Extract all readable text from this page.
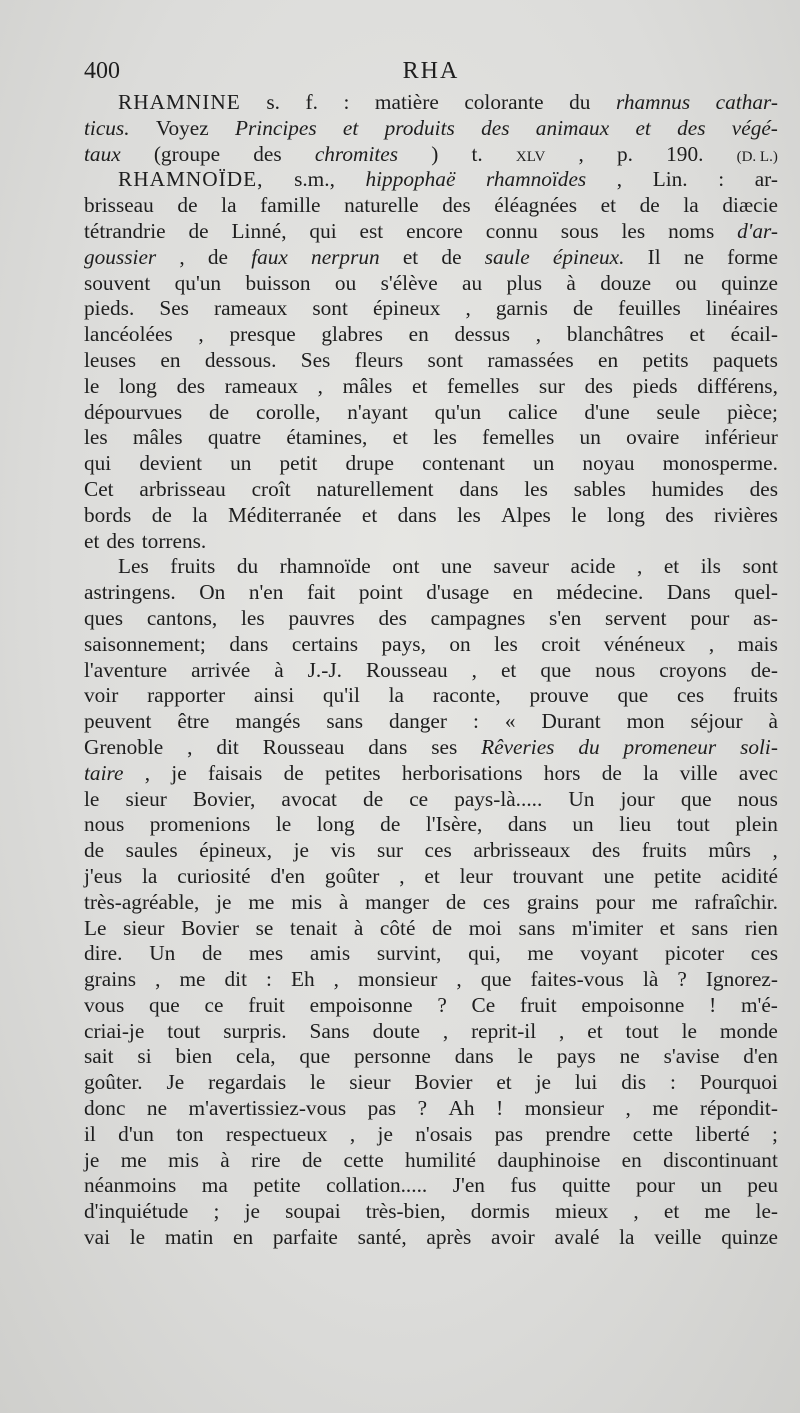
400	RHA
RHAMNINE s. f. : matière colorante du rhamnus cathar-
ticus. Voyez Principes et produits des animaux et des végé-
taux (groupe des chromites ) t. XLV , p. 190. (D. L.)
RHAMNOÏDE, s.m., hippophaë rhamnoïdes , Lin. : ar-
brisseau de la famille naturelle des éléagnées et de la diæcie
tétrandrie de Linné, qui est encore connu sous les noms d'ar-
goussier , de faux nerprun et de saule épineux. Il ne forme
souvent qu'un buisson ou s'élève au plus à douze ou quinze
pieds. Ses rameaux sont épineux , garnis de feuilles linéaires
lancéolées , presque glabres en dessus , blanchâtres et écail-
leuses en dessous. Ses fleurs sont ramassées en petits paquets
le long des rameaux , mâles et femelles sur des pieds différens,
dépourvues de corolle, n'ayant qu'un calice d'une seule pièce;
les mâles quatre étamines, et les femelles un ovaire inférieur
qui devient un petit drupe contenant un noyau monosperme.
Cet arbrisseau croît naturellement dans les sables humides des
bords de la Méditerranée et dans les Alpes le long des rivières
et des torrens.
Les fruits du rhamnoïde ont une saveur acide , et ils sont
astringens. On n'en fait point d'usage en médecine. Dans quel-
ques cantons, les pauvres des campagnes s'en servent pour as-
saisonnement; dans certains pays, on les croit vénéneux , mais
l'aventure arrivée à J.-J. Rousseau , et que nous croyons de-
voir rapporter ainsi qu'il la raconte, prouve que ces fruits
peuvent être mangés sans danger : « Durant mon séjour à
Grenoble , dit Rousseau dans ses Rêveries du promeneur soli-
taire , je faisais de petites herborisations hors de la ville avec
le sieur Bovier, avocat de ce pays-là..... Un jour que nous
nous promenions le long de l'Isère, dans un lieu tout plein
de saules épineux, je vis sur ces arbrisseaux des fruits mûrs ,
j'eus la curiosité d'en goûter , et leur trouvant une petite acidité
très-agréable, je me mis à manger de ces grains pour me rafraîchir.
Le sieur Bovier se tenait à côté de moi sans m'imiter et sans rien
dire. Un de mes amis survint, qui, me voyant picoter ces
grains , me dit : Eh , monsieur , que faites-vous là ? Ignorez-
vous que ce fruit empoisonne ? Ce fruit empoisonne ! m'é-
criai-je tout surpris. Sans doute , reprit-il , et tout le monde
sait si bien cela, que personne dans le pays ne s'avise d'en
goûter. Je regardais le sieur Bovier et je lui dis : Pourquoi
donc ne m'avertissiez-vous pas ? Ah ! monsieur , me répondit-
il d'un ton respectueux , je n'osais pas prendre cette liberté ;
je me mis à rire de cette humilité dauphinoise en discontinuant
néanmoins ma petite collation..... J'en fus quitte pour un peu
d'inquiétude ; je soupai très-bien, dormis mieux , et me le-
vai le matin en parfaite santé, après avoir avalé la veille quinze
